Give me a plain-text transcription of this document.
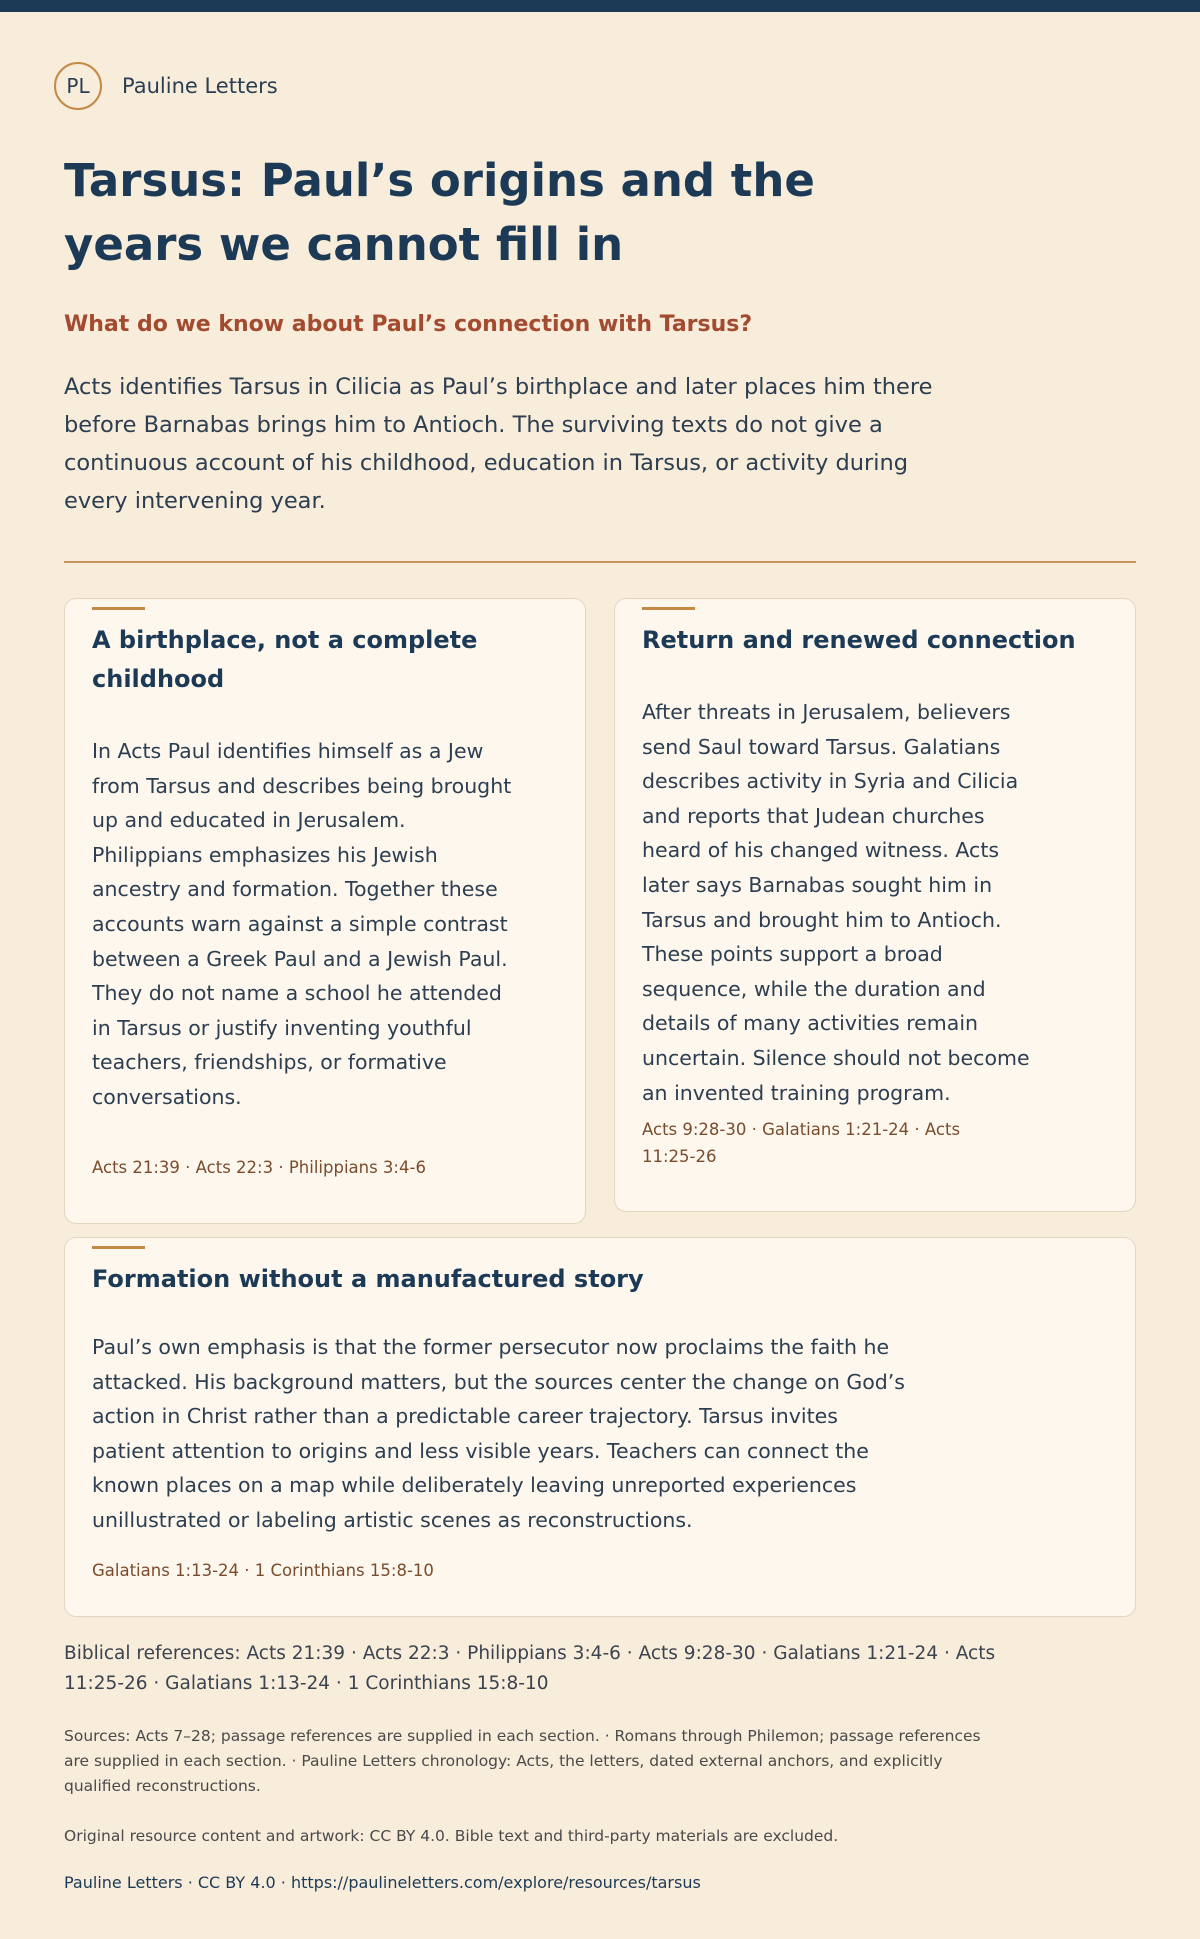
PL	Pauline Letters
Tarsus: Paul’s origins and the years we cannot fill in

What do we know about Paul’s connection with Tarsus?

Acts identifies Tarsus in Cilicia as Paul’s birthplace and later places him there before Barnabas brings him to Antioch. The surviving texts do not give a continuous account of his childhood, education in Tarsus, or activity during every intervening year.

A birthplace, not a complete childhood

In Acts Paul identifies himself as a Jew from Tarsus and describes being brought up and educated in Jerusalem. Philippians emphasizes his Jewish ancestry and formation. Together these accounts warn against a simple contrast between a Greek Paul and a Jewish Paul. They do not name a school he attended in Tarsus or justify inventing youthful teachers, friendships, or formative conversations.

Acts 21:39 · Acts 22:3 · Philippians 3:4-6

Return and renewed connection

After threats in Jerusalem, believers send Saul toward Tarsus. Galatians describes activity in Syria and Cilicia and reports that Judean churches heard of his changed witness. Acts later says Barnabas sought him in Tarsus and brought him to Antioch. These points support a broad sequence, while the duration and details of many activities remain uncertain. Silence should not become an invented training program.

Acts 9:28-30 · Galatians 1:21-24 · Acts 11:25-26

Formation without a manufactured story

Paul’s own emphasis is that the former persecutor now proclaims the faith he attacked. His background matters, but the sources center the change on God’s action in Christ rather than a predictable career trajectory. Tarsus invites patient attention to origins and less visible years. Teachers can connect the known places on a map while deliberately leaving unreported experiences unillustrated or labeling artistic scenes as reconstructions.

Galatians 1:13-24 · 1 Corinthians 15:8-10

Biblical references: Acts 21:39 · Acts 22:3 · Philippians 3:4-6 · Acts 9:28-30 · Galatians 1:21-24 · Acts 11:25-26 · Galatians 1:13-24 · 1 Corinthians 15:8-10

Sources: Acts 7–28; passage references are supplied in each section. · Romans through Philemon; passage references are supplied in each section. · Pauline Letters chronology: Acts, the letters, dated external anchors, and explicitly qualified reconstructions.

Original resource content and artwork: CC BY 4.0. Bible text and third-party materials are excluded.

Pauline Letters · CC BY 4.0 · https://paulineletters.com/explore/resources/tarsus
